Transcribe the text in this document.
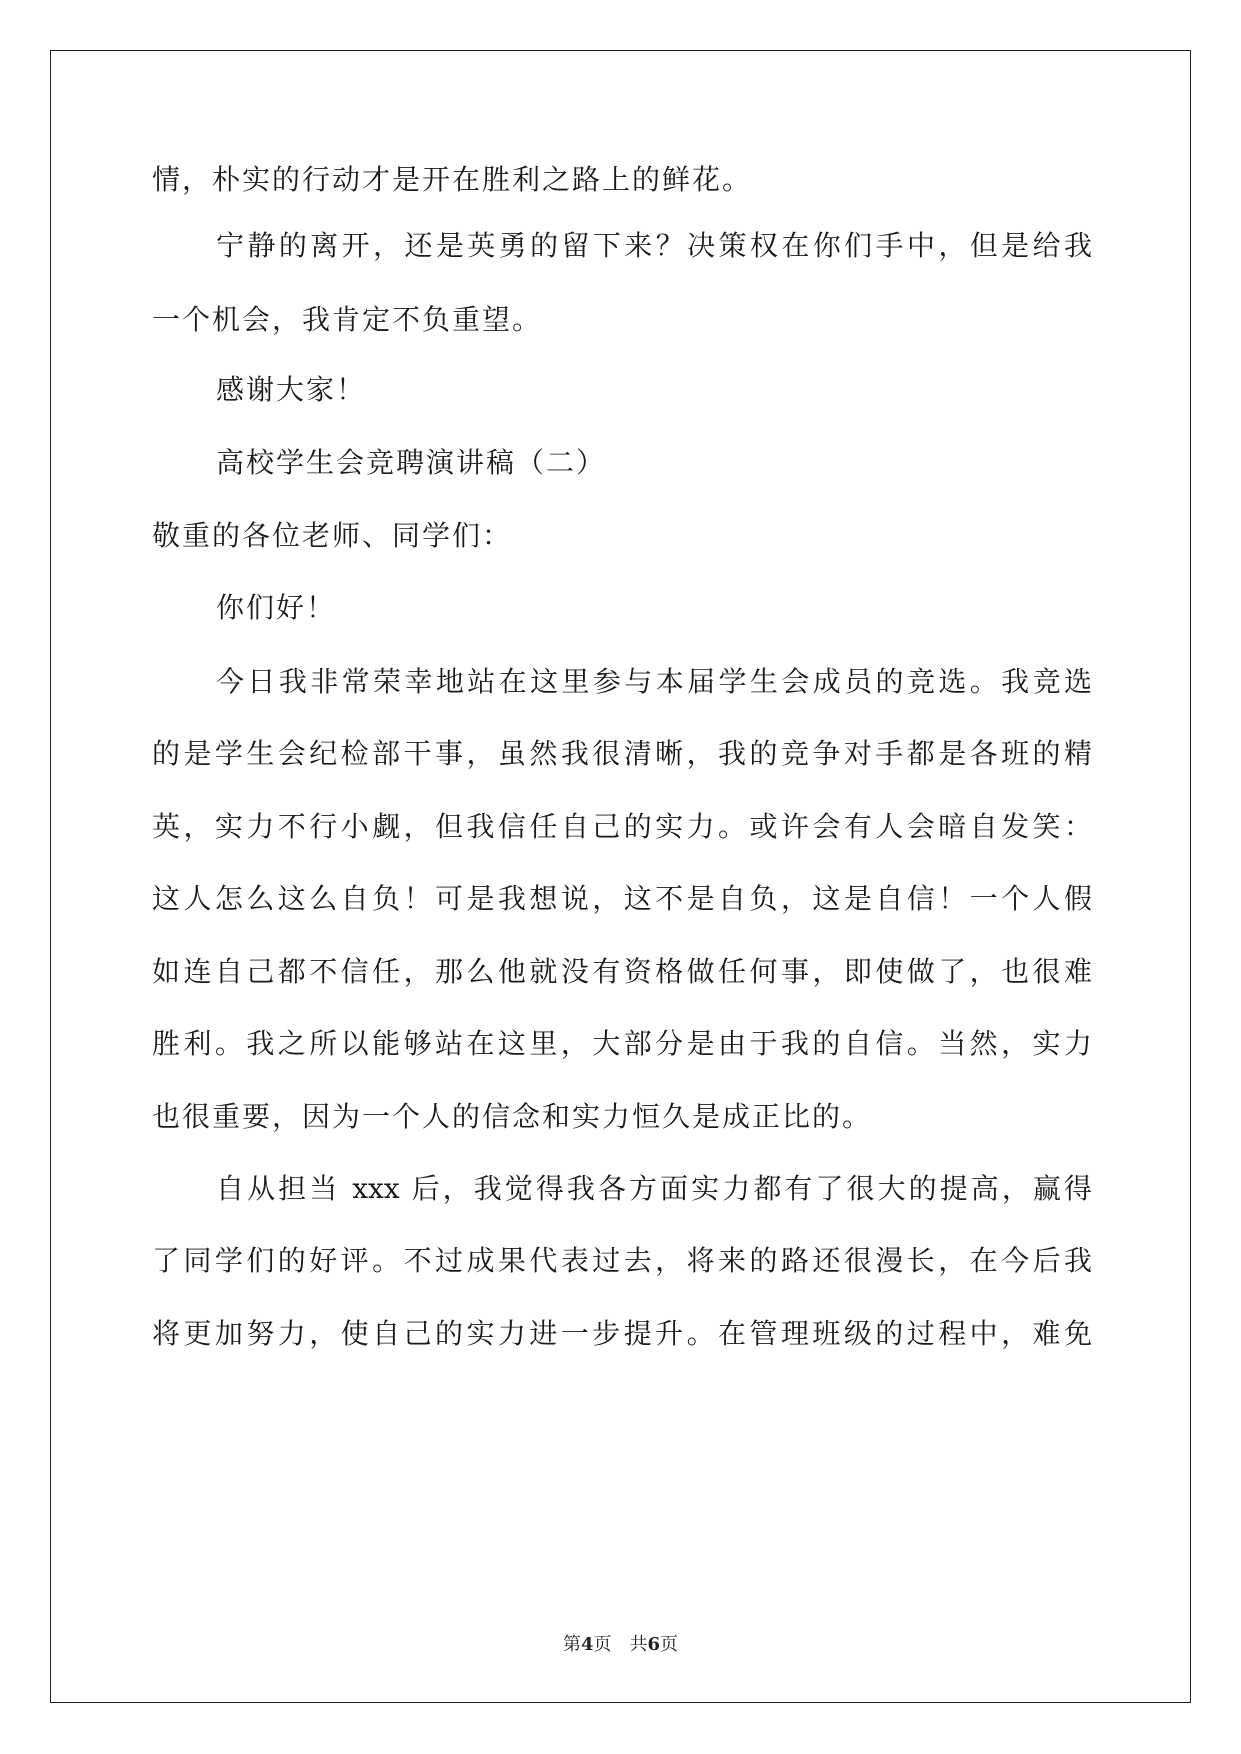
情，朴实的行动才是开在胜利之路上的鲜花。
宁静的离开，还是英勇的留下来？决策权在你们手中，但是给我
一个机会，我肯定不负重望。
感谢大家！
高校学生会竞聘演讲稿（二）
敬重的各位老师、同学们：
你们好！
今日我非常荣幸地站在这里参与本届学生会成员的竞选。我竞选
的是学生会纪检部干事，虽然我很清晰，我的竞争对手都是各班的精
英，实力不行小觑，但我信任自己的实力。或许会有人会暗自发笑：
这人怎么这么自负！可是我想说，这不是自负，这是自信！一个人假
如连自己都不信任，那么他就没有资格做任何事，即使做了，也很难
胜利。我之所以能够站在这里，大部分是由于我的自信。当然，实力
也很重要，因为一个人的信念和实力恒久是成正比的。
自从担当 xxx 后，我觉得我各方面实力都有了很大的提高，赢得
了同学们的好评。不过成果代表过去，将来的路还很漫长，在今后我
将更加努力，使自己的实力进一步提升。在管理班级的过程中，难免
第4页 共6页
